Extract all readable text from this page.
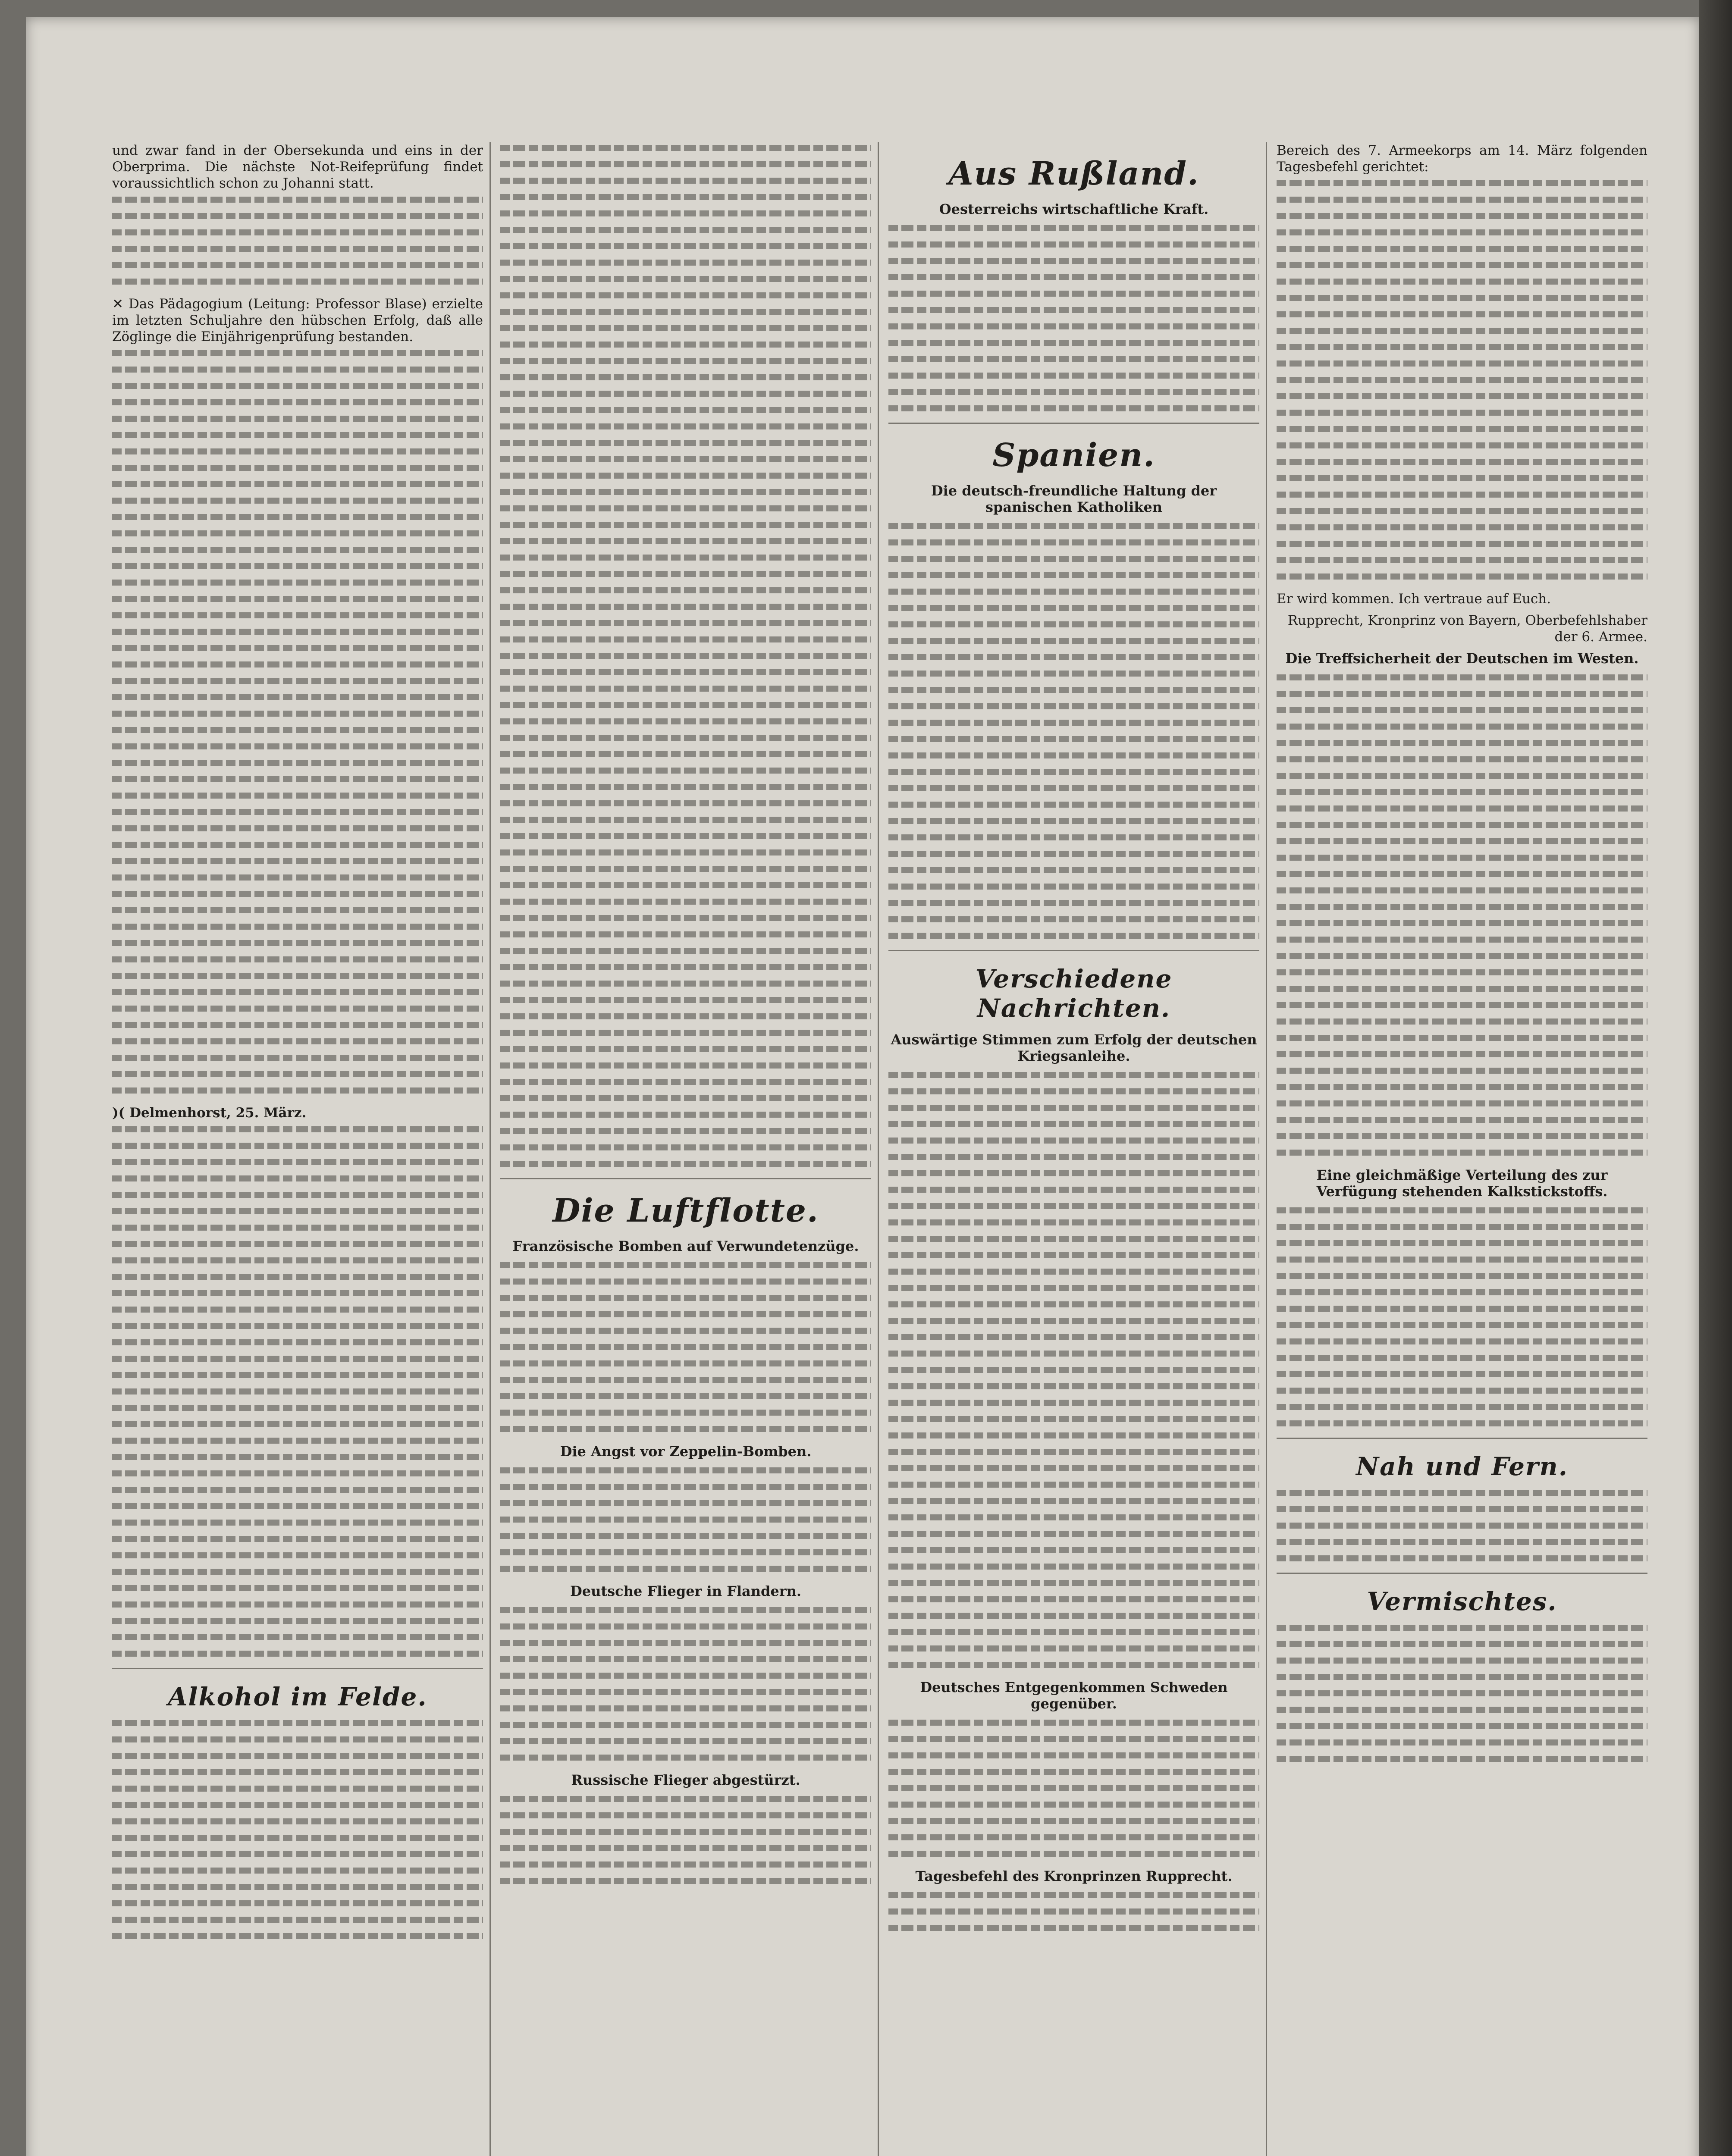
und zwar fand in der Obersekunda und eins in der Oberprima. Die nächste Not-Reifeprüfung findet voraussichtlich schon zu Johanni statt.

✕ Das Pädagogium (Leitung: Professor Blase) erzielte im letzten Schuljahre den hübschen Erfolg, daß alle Zöglinge die Einjährigenprüfung bestanden.

)( Delmenhorst, 25. März.

Alkohol im Felde.
Die Luftflotte.
Französische Bomben auf Verwundetenzüge.
Die Angst vor Zeppelin-Bomben.
Deutsche Flieger in Flandern.
Russische Flieger abgestürzt.
Aus Rußland.
Oesterreichs wirtschaftliche Kraft.
Spanien.
Die deutsch-freundliche Haltung der spanischen Katholiken
Verschiedene Nachrichten.
Auswärtige Stimmen zum Erfolg der deutschen Kriegsanleihe.
Deutsches Entgegenkommen Schweden gegenüber.
Tagesbefehl des Kronprinzen Rupprecht.

Bereich des 7. Armeekorps am 14. März folgenden Tagesbefehl gerichtet:

Er wird kommen. Ich vertraue auf Euch.

Rupprecht, Kronprinz von Bayern, Oberbefehlshaber der 6. Armee.

Die Treffsicherheit der Deutschen im Westen.
Eine gleichmäßige Verteilung des zur Verfügung stehenden Kalkstickstoffs.
Nah und Fern.
Vermischtes.
